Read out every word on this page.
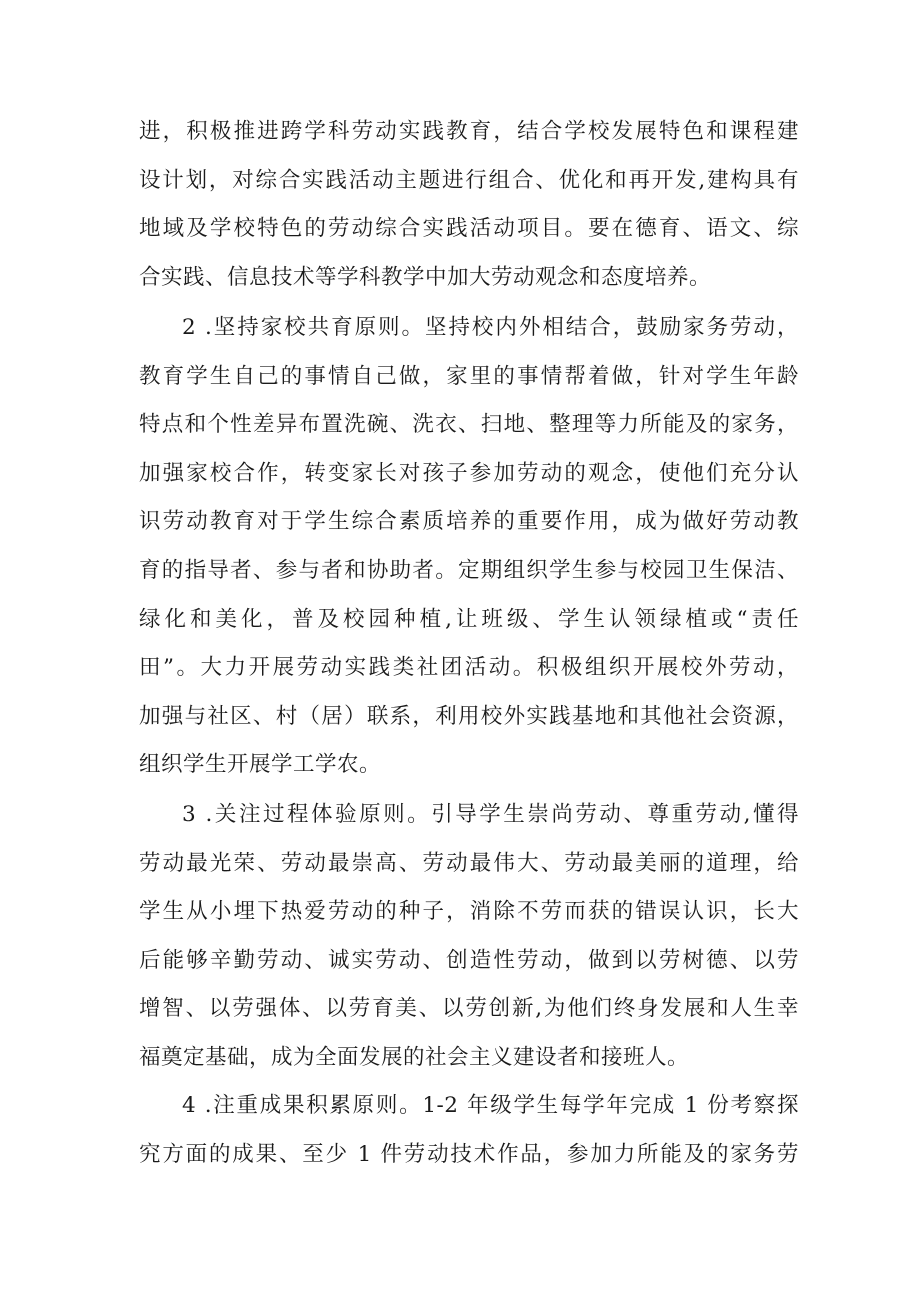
进，积极推进跨学科劳动实践教育，结合学校发展特色和课程建
设计划，对综合实践活动主题进行组合、优化和再开发,建构具有
地域及学校特色的劳动综合实践活动项目。要在德育、语文、综
合实践、信息技术等学科教学中加大劳动观念和态度培养。
2 .坚持家校共育原则。坚持校内外相结合，鼓励家务劳动，
教育学生自己的事情自己做，家里的事情帮着做，针对学生年龄
特点和个性差异布置洗碗、洗衣、扫地、整理等力所能及的家务，
加强家校合作，转变家长对孩子参加劳动的观念，使他们充分认
识劳动教育对于学生综合素质培养的重要作用，成为做好劳动教
育的指导者、参与者和协助者。定期组织学生参与校园卫生保洁、
绿化和美化，普及校园种植,让班级、学生认领绿植或“责任
田”。大力开展劳动实践类社团活动。积极组织开展校外劳动，
加强与社区、村（居）联系，利用校外实践基地和其他社会资源，
组织学生开展学工学农。
3 .关注过程体验原则。引导学生崇尚劳动、尊重劳动,懂得
劳动最光荣、劳动最崇高、劳动最伟大、劳动最美丽的道理，给
学生从小埋下热爱劳动的种子，消除不劳而获的错误认识，长大
后能够辛勤劳动、诚实劳动、创造性劳动，做到以劳树德、以劳
增智、以劳强体、以劳育美、以劳创新,为他们终身发展和人生幸
福奠定基础，成为全面发展的社会主义建设者和接班人。
4 .注重成果积累原则。1-2 年级学生每学年完成 1 份考察探
究方面的成果、至少 1 件劳动技术作品，参加力所能及的家务劳
